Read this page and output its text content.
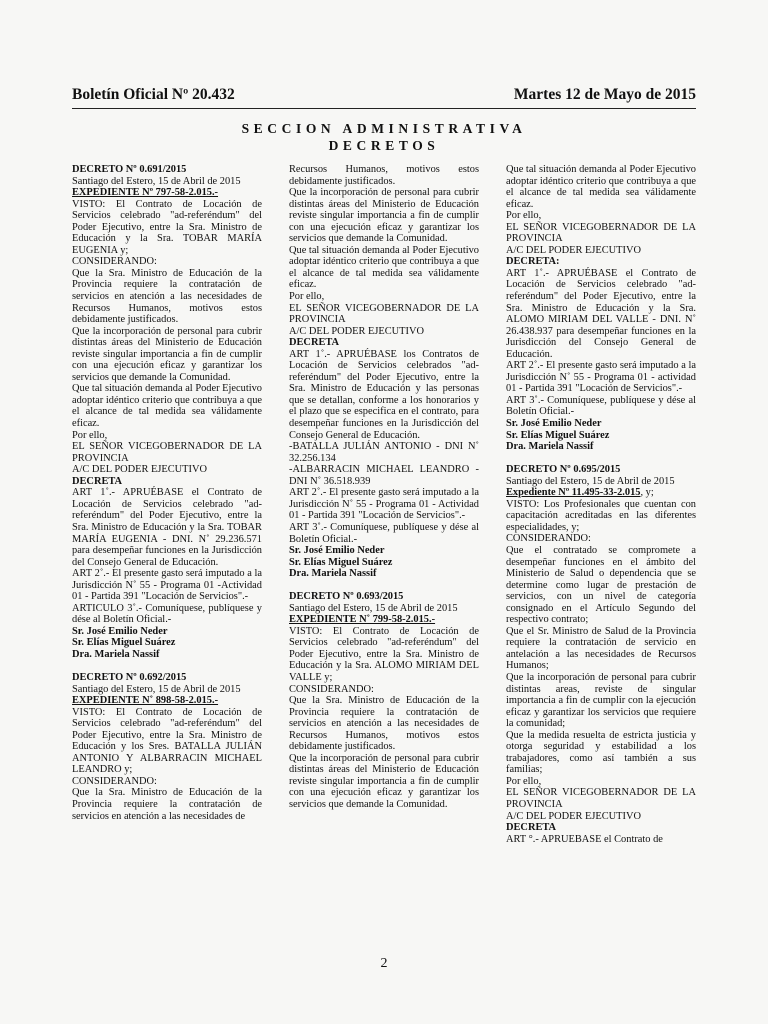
Boletín Oficial Nº 20.432	Martes 12 de Mayo de 2015
SECCION ADMINISTRATIVA
DECRETOS

DECRETO Nº 0.691/2015

Santiago del Estero, 15 de Abril de 2015

EXPEDIENTE Nº 797-58-2.015.-

VISTO: El Contrato de Locación de Servicios celebrado "ad-referéndum" del Poder Ejecutivo, entre la Sra. Ministro de Educación y la Sra. TOBAR MARÍA EUGENIA y;

CONSIDERANDO:

Que la Sra. Ministro de Educación de la Provincia requiere la contratación de servicios en atención a las necesidades de Recursos Humanos, motivos estos debidamente justificados.

Que la incorporación de personal para cubrir distintas áreas del Ministerio de Educación reviste singular importancia a fin de cumplir con una ejecución eficaz y garantizar los servicios que demande la Comunidad.

Que tal situación demanda al Poder Ejecutivo adoptar idéntico criterio que contribuya a que el alcance de tal medida sea válidamente eficaz.

Por ello,

EL SEÑOR VICEGOBERNADOR DE LA PROVINCIA

A/C DEL PODER EJECUTIVO

DECRETA

ART 1˚.- APRUÉBASE el Contrato de Locación de Servicios celebrado "ad-referéndum" del Poder Ejecutivo, entre la Sra. Ministro de Educación y la Sra. TOBAR MARÍA EUGENIA - DNI. N˚ 29.236.571 para desempeñar funciones en la Jurisdicción del Consejo General de Educación.

ART 2˚.- El presente gasto será imputado a la Jurisdicción N˚ 55 - Programa 01 -Actividad 01 - Partida 391 "Locación de Servicios".-

ARTICULO 3˚.- Comuníquese, publíquese y dése al Boletín Oficial.-

Sr. José Emilio Neder

Sr. Elías Miguel Suárez

Dra. Mariela Nassif

DECRETO Nº 0.692/2015

Santiago del Estero, 15 de Abril de 2015

EXPEDIENTE N˚ 898-58-2.015.-

VISTO: El Contrato de Locación de Servicios celebrado "ad-referéndum" del Poder Ejecutivo, entre la Sra. Ministro de Educación y los Sres. BATALLA JULIÁN ANTONIO Y ALBARRACIN MICHAEL LEANDRO y;

CONSIDERANDO:

Que la Sra. Ministro de Educación de la Provincia requiere la contratación de servicios en atención a las necesidades de

Recursos Humanos, motivos estos debidamente justificados.

Que la incorporación de personal para cubrir distintas áreas del Ministerio de Educación reviste singular importancia a fin de cumplir con una ejecución eficaz y garantizar los servicios que demande la Comunidad.

Que tal situación demanda al Poder Ejecutivo adoptar idéntico criterio que contribuya a que el alcance de tal medida sea válidamente eficaz.

Por ello,

EL SEÑOR VICEGOBERNADOR DE LA PROVINCIA

A/C DEL PODER EJECUTIVO

DECRETA

ART 1˚.- APRUÉBASE los Contratos de Locación de Servicios celebrados "ad-referéndum" del Poder Ejecutivo, entre la Sra. Ministro de Educación y las personas que se detallan, conforme a los honorarios y el plazo que se especifica en el contrato, para desempeñar funciones en la Jurisdicción del Consejo General de Educación.

-BATALLA JULIÁN ANTONIO - DNI N˚ 32.256.134

-ALBARRACIN MICHAEL LEANDRO - DNI N˚ 36.518.939

ART 2˚.- El presente gasto será imputado a la Jurisdicción N˚ 55 - Programa 01 - Actividad 01 - Partida 391 "Locación de Servicios".-

ART 3˚.- Comuníquese, publíquese y dése al Boletín Oficial.-

Sr. José Emilio Neder

Sr. Elías Miguel Suárez

Dra. Mariela Nassif

DECRETO Nº 0.693/2015

Santiago del Estero, 15 de Abril de 2015

EXPEDIENTE N˚ 799-58-2.015.-

VISTO: El Contrato de Locación de Servicios celebrado "ad-referéndum" del Poder Ejecutivo, entre la Sra. Ministro de Educación y la Sra. ALOMO MIRIAM DEL VALLE y;

CONSIDERANDO:

Que la Sra. Ministro de Educación de la Provincia requiere la contratación de servicios en atención a las necesidades de Recursos Humanos, motivos estos debidamente justificados.

Que la incorporación de personal para cubrir distintas áreas del Ministerio de Educación reviste singular importancia a fin de cumplir con una ejecución eficaz y garantizar los servicios que demande la Comunidad.

Que tal situación demanda al Poder Ejecutivo adoptar idéntico criterio que contribuya a que el alcance de tal medida sea válidamente eficaz.

Por ello,

EL SEÑOR VICEGOBERNADOR DE LA PROVINCIA

A/C DEL PODER EJECUTIVO

DECRETA:

ART 1˚.- APRUÉBASE el Contrato de Locación de Servicios celebrado "ad-referéndum" del Poder Ejecutivo, entre la Sra. Ministro de Educación y la Sra. ALOMO MIRIAM DEL VALLE - DNI. N˚ 26.438.937 para desempeñar funciones en la Jurisdicción del Consejo General de Educación.

ART 2˚.- El presente gasto será imputado a la Jurisdicción N˚ 55 - Programa 01 - actividad 01 - Partida 391 "Locación de Servicios".-

ART 3˚.- Comuníquese, publíquese y dése al Boletín Oficial.-

Sr. José Emilio Neder

Sr. Elías Miguel Suárez

Dra. Mariela Nassif

DECRETO Nº 0.695/2015

Santiago del Estero, 15 de Abril de 2015

Expediente Nº 11.495-33-2.015, y;

VISTO: Los Profesionales que cuentan con capacitación acreditadas en las diferentes especialidades, y;

CONSIDERANDO:

Que el contratado se compromete a desempeñar funciones en el ámbito del Ministerio de Salud o dependencia que se determine como lugar de prestación de servicios, con un nivel de categoría consignado en el Artículo Segundo del respectivo contrato;

Que el Sr. Ministro de Salud de la Provincia requiere la contratación de servicio en antelación a las necesidades de Recursos Humanos;

Que la incorporación de personal para cubrir distintas areas, reviste de singular importancia a fin de cumplir con la ejecución eficaz y garantizar los servicios que requiere la comunidad;

Que la medida resuelta de estricta justicia y otorga seguridad y estabilidad a los trabajadores, como así también a sus familias;

Por ello,

EL SEÑOR VICEGOBERNADOR DE LA PROVINCIA

A/C DEL PODER EJECUTIVO

DECRETA

ART °.- APRUEBASE el Contrato de

2
